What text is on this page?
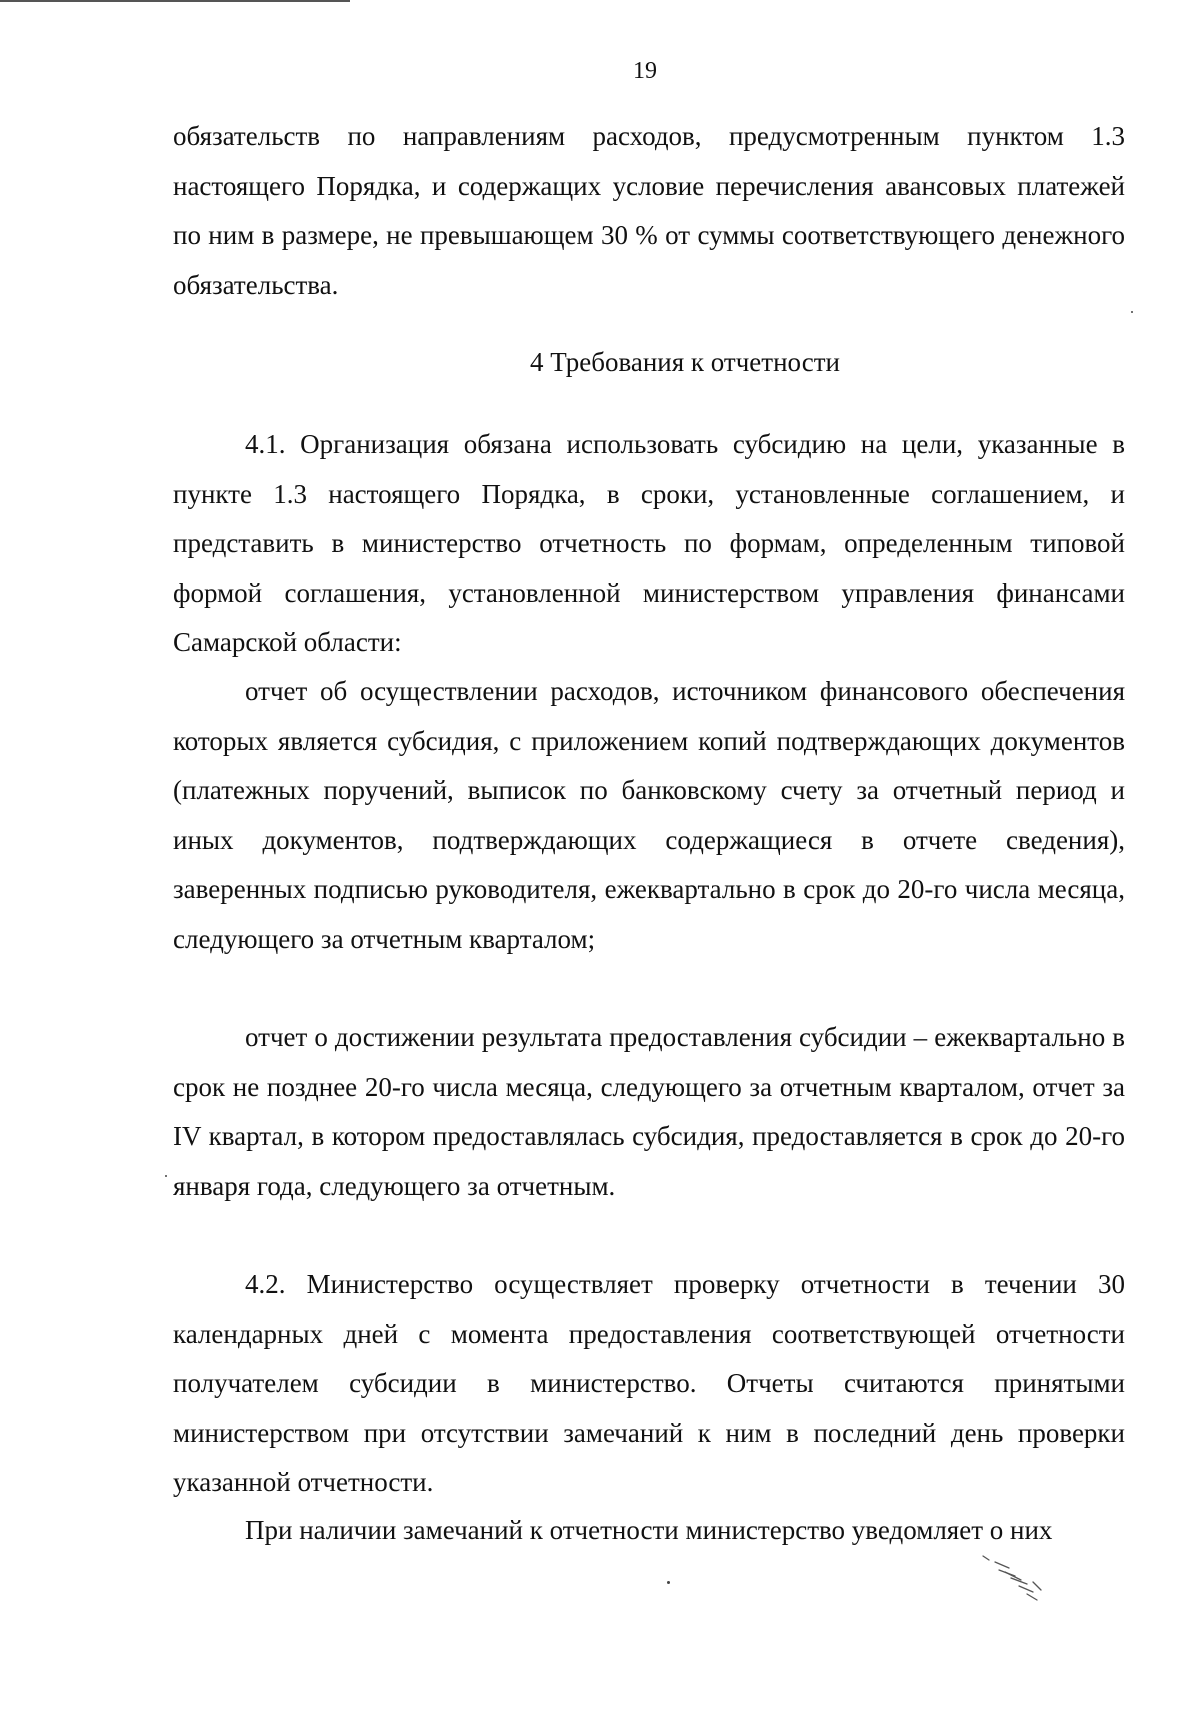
19

обязательств по направлениям расходов, предусмотренным пунктом 1.3 настоящего Порядка, и содержащих условие перечисления авансовых платежей по ним в размере, не превышающем 30 % от суммы соответствующего денежного обязательства.

4 Требования к отчетности

4.1. Организация обязана использовать субсидию на цели, указанные в пункте 1.3 настоящего Порядка, в сроки, установленные соглашением, и представить в министерство отчетность по формам, определенным типовой формой соглашения, установленной министерством управления финансами Самарской области:

отчет об осуществлении расходов, источником финансового обеспечения которых является субсидия, с приложением копий подтверждающих документов (платежных поручений, выписок по банковскому счету за отчетный период и иных документов, подтверждающих содержащиеся в отчете сведения), заверенных подписью руководителя, ежеквартально в срок до 20-го числа месяца, следующего за отчетным кварталом;

отчет о достижении результата предоставления субсидии – ежеквартально в срок не позднее 20-го числа месяца, следующего за отчетным кварталом, отчет за IV квартал, в котором предоставлялась субсидия, предоставляется в срок до 20-го января года, следующего за отчетным.

4.2. Министерство осуществляет проверку отчетности в течении 30 календарных дней с момента предоставления соответствующей отчетности получателем субсидии в министерство. Отчеты считаются принятыми министерством при отсутствии замечаний к ним в последний день проверки указанной отчетности.

При наличии замечаний к отчетности министерство уведомляет о них
